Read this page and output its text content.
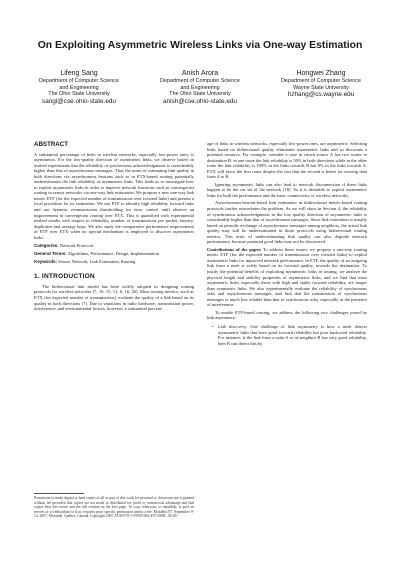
On Exploiting Asymmetric Wireless Links via One-way Estimation
Lifeng Sang
Department of Computer Science
and Engineering
The Ohio State University
sangl@cse.ohio-state.edu
Anish Arora
Department of Computer Science
and Engineering
The Ohio State University
anish@cse.ohio-state.edu
Hongwei Zhang
Department of Computer Science
Wayne State University
hzhang@cs.wayne.edu
ABSTRACT

A substantial percentage of links in wireless networks, especially low-power ones, is asymmetric. For the low-quality direction of asymmetric links, we observe based on testbed experiments that the reliability of synchronous acknowledgments is considerably higher than that of asynchronous messages. Thus the norm of estimating link quality in both directions via asynchronous beacons such as in ETX-based routing potentially underestimates the link reliability of asymmetric links. This leads us to investigate how to exploit asymmetric links in order to improve network functions such as convergecast routing in sensor networks via one-way link estimation. We propose a new one-way link metric ETF (for the expected number of transmissions over forward links) and present a local procedure for its estimation. We use ETF to identify high reliability forward links and use dynamic retransmission thresholding for error control until observe an improvement in convergecast routing over ETX. This is quantified with experimental testbed results with respect to reliability, number of transmissions per packet, latency, duplicates and average hops. We also study the comparative performance improvement of ETF over ETX when no special mechanism is employed to discover asymmetric links.

Categories: Network Protocols

General Terms: Algorithms, Performance, Design, Implementation

Keywords: Sensor Network, Link Estimation, Routing

1. INTRODUCTION

The bidirectional link model has been widely adopted in designing routing protocols for wireless networks [7, 10, 15, 11, 6, 16, 26]. Most routing metrics, such as ETX (for expected number of transmissions), evaluate the quality of a link based on its quality in both directions [7]. Due to variations in radio hardware, transmission power, interference, and environmental factors, however, a substantial percent-

Permission to make digital or hard copies of all or part of this work for personal or classroom use is granted without fee provided that copies are not made or distributed for profit or commercial advantage and that copies bear this notice and the full citation on the first page. To copy otherwise, to republish, to post on servers or to redistribute to lists, requires prior specific permission and/or a fee. MobiHoc'07, September 9-14, 2007, Montréal, Québec, Canada. Copyright 2007 ACM 978-1-59593-684-4/07/0009...$5.00.

age of links in wireless networks, especially low-power ones, are asymmetric. Selecting links based on bidirectional quality eliminates asymmetric links and so discounts a potential resource. For example, consider a case in which source A has two routes to destination B: in one route the link reliability is 50% in both directions while in the other route the link reliability is 100% in the links towards B but 0% in the links towards A. ETX will favor the first route despite the fact that the second is better for moving data from A to B.

Ignoring asymmetric links can also lead to network disconnection if these links happen to be the cut set of the network [18]. So it is desirable to exploit asymmetric links for both the performance and the basic connectivity of wireless networks.

Asynchronous-beacon-based link estimation in bidirectional metric-based routing protocols further exacerbates the problem. As we will show in Section 4, the reliability of synchronous acknowledgments in the low quality direction of asymmetric links is considerably higher than that of asynchronous messages. Since link estimation is usually based on periodic exchange of asynchronous messages among neighbors, the actual link quality may still be underestimated in those protocols using bidirectional routing metrics. This error of underestimating link quality can also degrade network performance, because potential good links may not be discovered.

Contributions of the paper. To address these issues, we propose a one-way routing metric ETF (for the expected number of transmissions over forward links) to exploit asymmetric links for improved network performance. In ETF, the quality of an outgoing link from a node is solely based on its forward quality, towards the destination. To justify the potential benefits of exploiting asymmetric links in routing, we analyze the physical length and stability properties of asymmetric links, and we find that most asymmetric links, especially those with high and stable forward reliability, are longer than symmetric links. We also experimentally evaluate the reliability of synchronous acks and asynchronous messages, and find that the transmission of synchronous messages is much less reliable than that of synchronous acks, especially in the presence of interference.

To enable ETF-based routing, we address the following two challenges posed by link asymmetry:

• Link discovery. One challenge of link asymmetry is how a node detects asymmetric links that have good forward reliability but poor backward reliability. For instance, if the link from a node A to its neighbor B has very good reliability, then B can detect this by
